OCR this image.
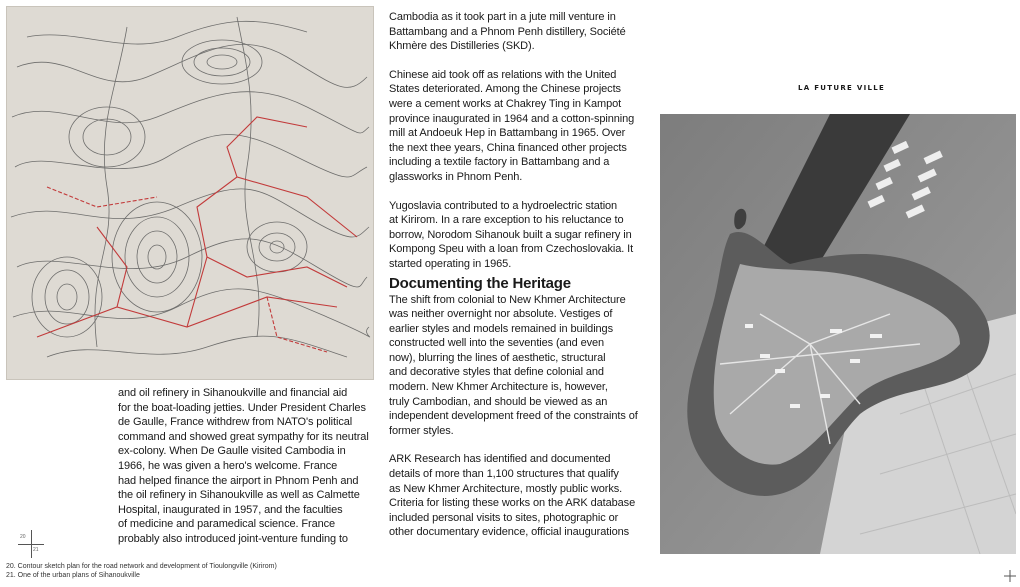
and oil refinery in Sihanoukville and financial aid
for the boat-loading jetties. Under President Charles
de Gaulle, France withdrew from NATO's political
command and showed great sympathy for its neutral
ex-colony. When De Gaulle visited Cambodia in
1966, he was given a hero's welcome. France
had helped finance the airport in Phnom Penh and
the oil refinery in Sihanoukville as well as Calmette
Hospital, inaugurated in 1957, and the faculties
of medicine and paramedical science. France
probably also introduced joint-venture funding to

Cambodia as it took part in a jute mill venture in
Battambang and a Phnom Penh distillery, Société
Khmère des Distilleries (SKD).

Chinese aid took off as relations with the United
States deteriorated. Among the Chinese projects
were a cement works at Chakrey Ting in Kampot
province inaugurated in 1964 and a cotton-spinning
mill at Andoeuk Hep in Battambang in 1965. Over
the next thee years, China financed other projects
including a textile factory in Battambang and a
glassworks in Phnom Penh.

Yugoslavia contributed to a hydroelectric station
at Kirirom. In a rare exception to his reluctance to
borrow, Norodom Sihanouk built a sugar refinery in
Kompong Speu with a loan from Czechoslovakia. It
started operating in 1965.

Documenting the Heritage

The shift from colonial to New Khmer Architecture
was neither overnight nor absolute. Vestiges of
earlier styles and models remained in buildings
constructed well into the seventies (and even
now), blurring the lines of aesthetic, structural
and decorative styles that define colonial and
modern. New Khmer Architecture is, however,
truly Cambodian, and should be viewed as an
independent development freed of the constraints of
former styles.

ARK Research has identified and documented
details of more than 1,100 structures that qualify
as New Khmer Architecture, mostly public works.
Criteria for listing these works on the ARK database
included personal visits to sites, photographic or
other documentary evidence, official inaugurations

LA FUTURE VILLE
20
21
20. Contour sketch plan for the road network and development of Tioulongville (Kirirom)
21. One of the urban plans of Sihanoukville
